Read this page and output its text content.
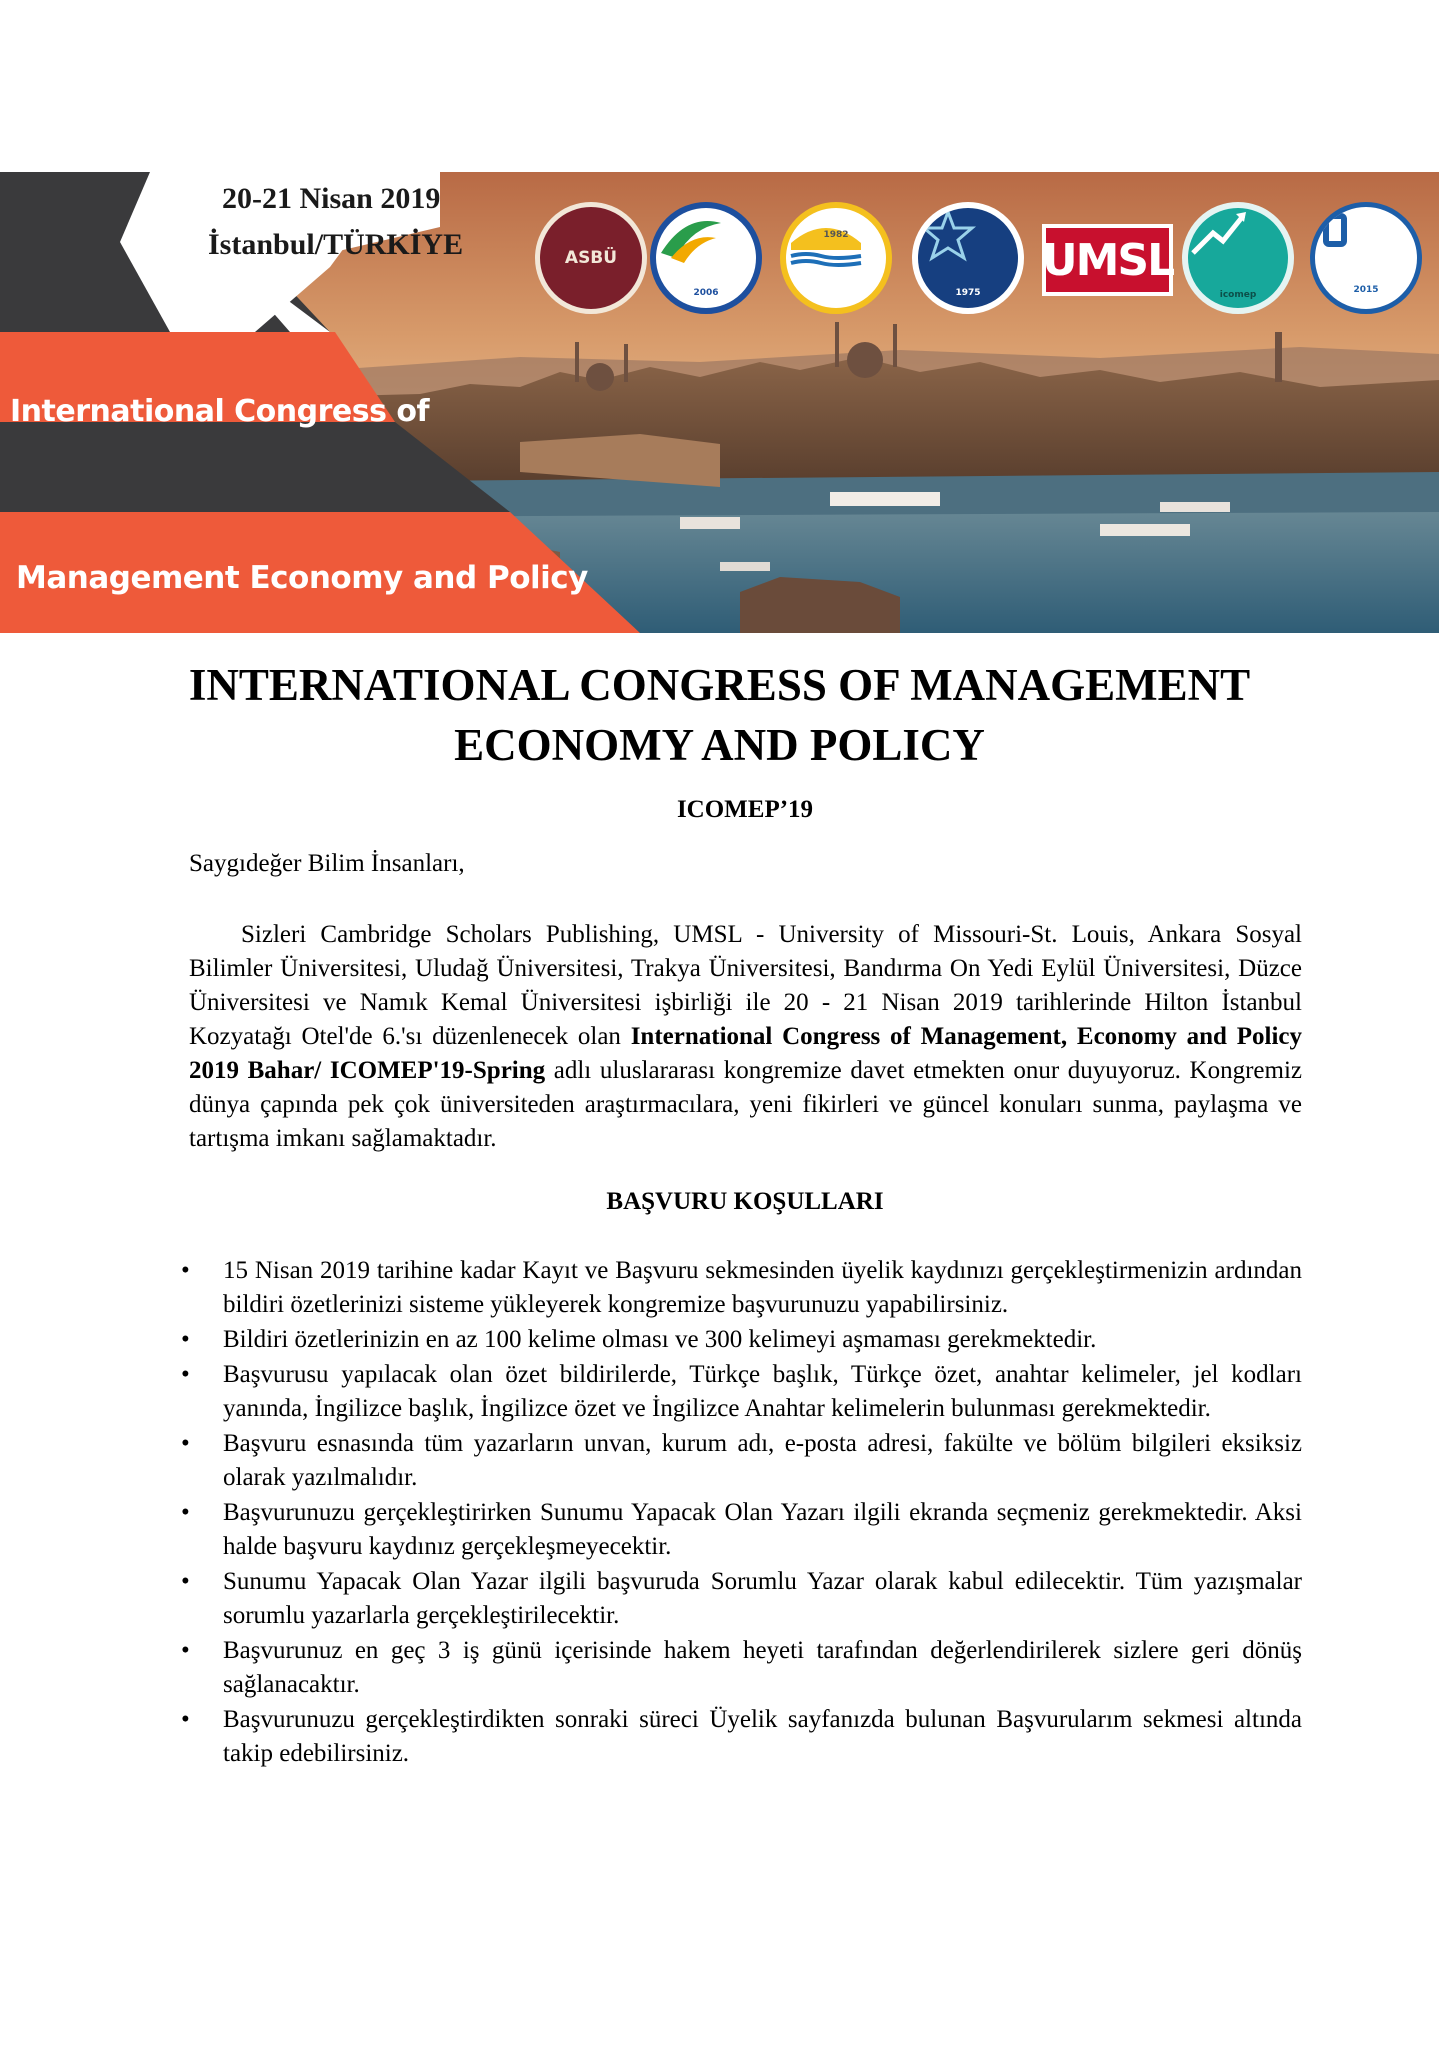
20-21 Nisan 2019
İstanbul/TÜRKİYE
International Congress of
Management Economy and Policy
ASBÜ
2006
1982
1975
UMSL
icomep	2015
INTERNATIONAL CONGRESS OF MANAGEMENT
ECONOMY AND POLICY
ICOMEP’19
Saygıdeğer Bilim İnsanları,
Sizleri Cambridge Scholars Publishing, UMSL - University of Missouri-St. Louis, Ankara Sosyal Bilimler Üniversitesi, Uludağ Üniversitesi, Trakya Üniversitesi, Bandırma On Yedi Eylül Üniversitesi, Düzce Üniversitesi ve Namık Kemal Üniversitesi işbirliği ile 20 - 21 Nisan 2019 tarihlerinde Hilton İstanbul Kozyatağı Otel'de 6.'sı düzenlenecek olan International Congress of Management, Economy and Policy 2019 Bahar/ ICOMEP'19-Spring adlı uluslararası kongremize davet etmekten onur duyuyoruz. Kongremiz dünya çapında pek çok üniversiteden araştırmacılara, yeni fikirleri ve güncel konuları sunma, paylaşma ve tartışma imkanı sağlamaktadır.
BAŞVURU KOŞULLARI
• 15 Nisan 2019 tarihine kadar Kayıt ve Başvuru sekmesinden üyelik kaydınızı gerçekleştirmenizin ardından bildiri özetlerinizi sisteme yükleyerek kongremize başvurunuzu yapabilirsiniz.
• Bildiri özetlerinizin en az 100 kelime olması ve 300 kelimeyi aşmaması gerekmektedir.
• Başvurusu yapılacak olan özet bildirilerde, Türkçe başlık, Türkçe özet, anahtar kelimeler, jel kodları yanında, İngilizce başlık, İngilizce özet ve İngilizce Anahtar kelimelerin bulunması gerekmektedir.
• Başvuru esnasında tüm yazarların unvan, kurum adı, e-posta adresi, fakülte ve bölüm bilgileri eksiksiz olarak yazılmalıdır.
• Başvurunuzu gerçekleştirirken Sunumu Yapacak Olan Yazarı ilgili ekranda seçmeniz gerekmektedir. Aksi halde başvuru kaydınız gerçekleşmeyecektir.
• Sunumu Yapacak Olan Yazar ilgili başvuruda Sorumlu Yazar olarak kabul edilecektir. Tüm yazışmalar sorumlu yazarlarla gerçekleştirilecektir.
• Başvurunuz en geç 3 iş günü içerisinde hakem heyeti tarafından değerlendirilerek sizlere geri dönüş sağlanacaktır.
• Başvurunuzu gerçekleştirdikten sonraki süreci Üyelik sayfanızda bulunan Başvurularım sekmesi altında takip edebilirsiniz.
